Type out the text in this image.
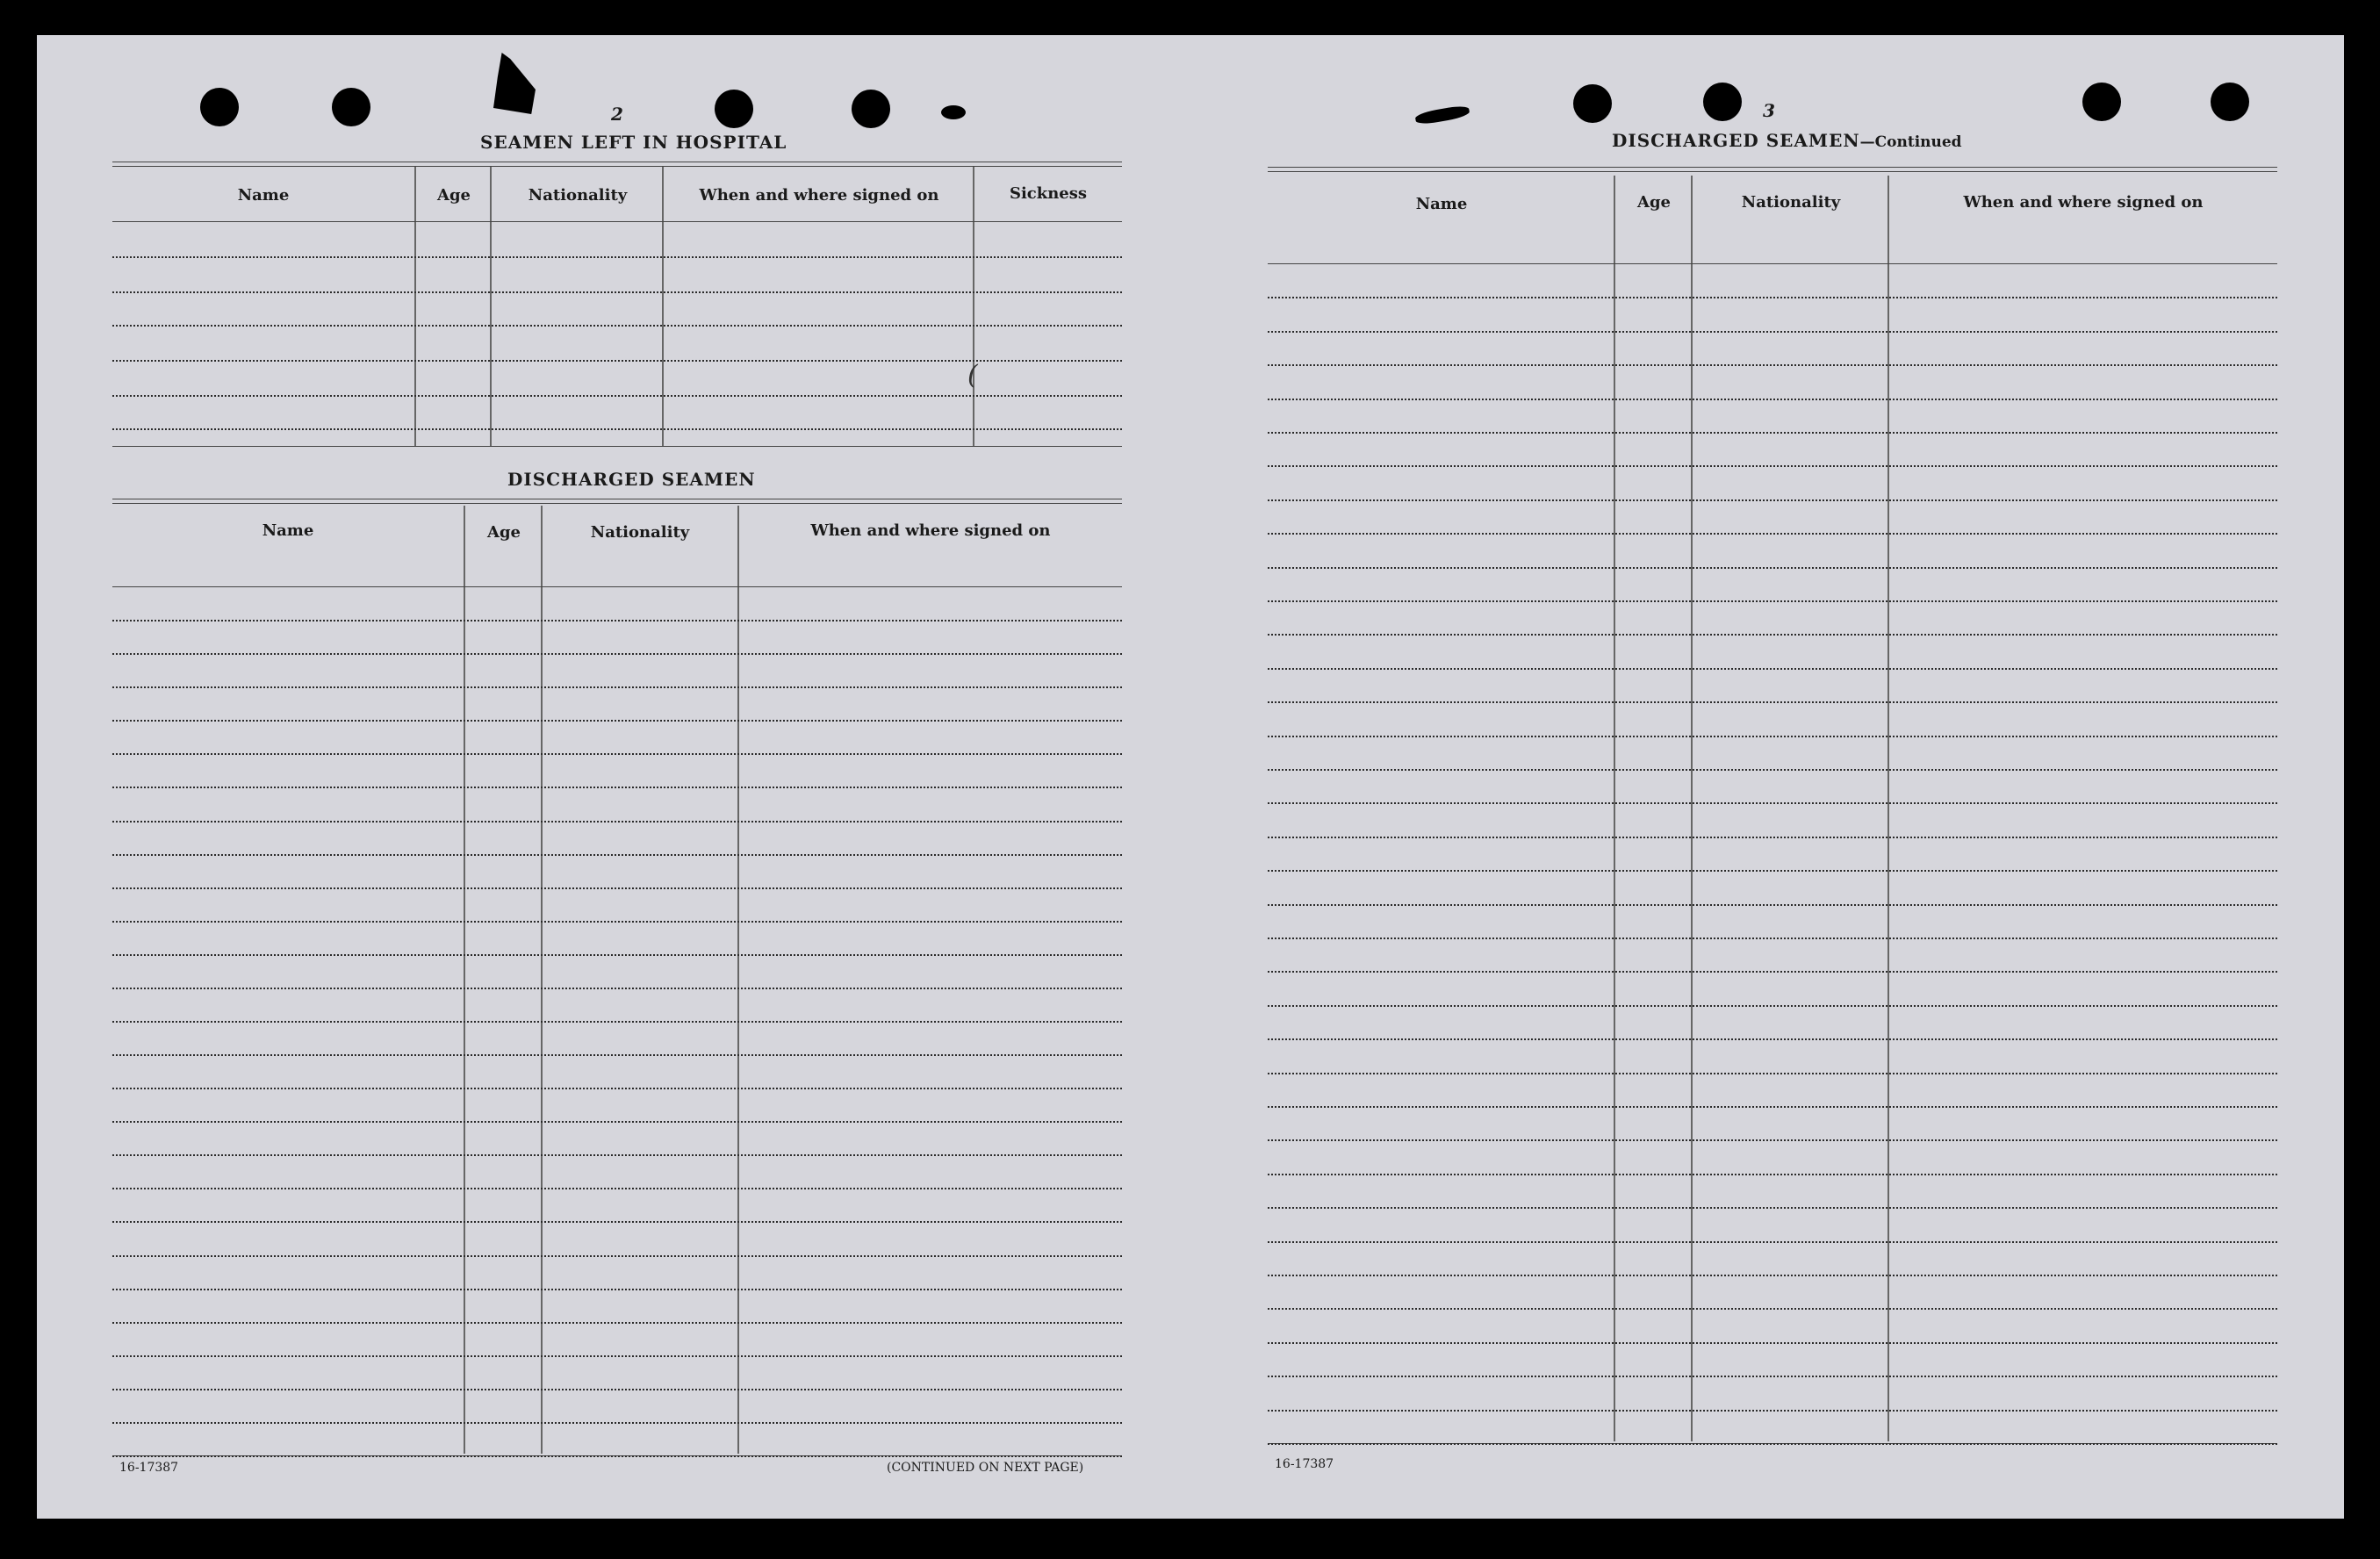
2
SEAMEN LEFT IN HOSPITAL
Name	Age	Nationality	When and where signed on	Sickness
(
DISCHARGED SEAMEN
Name	Age	Nationality	When and where signed on
16-17387	(CONTINUED ON NEXT PAGE)
3
DISCHARGED SEAMEN—Continued
Name	Age	Nationality	When and where signed on
16-17387
